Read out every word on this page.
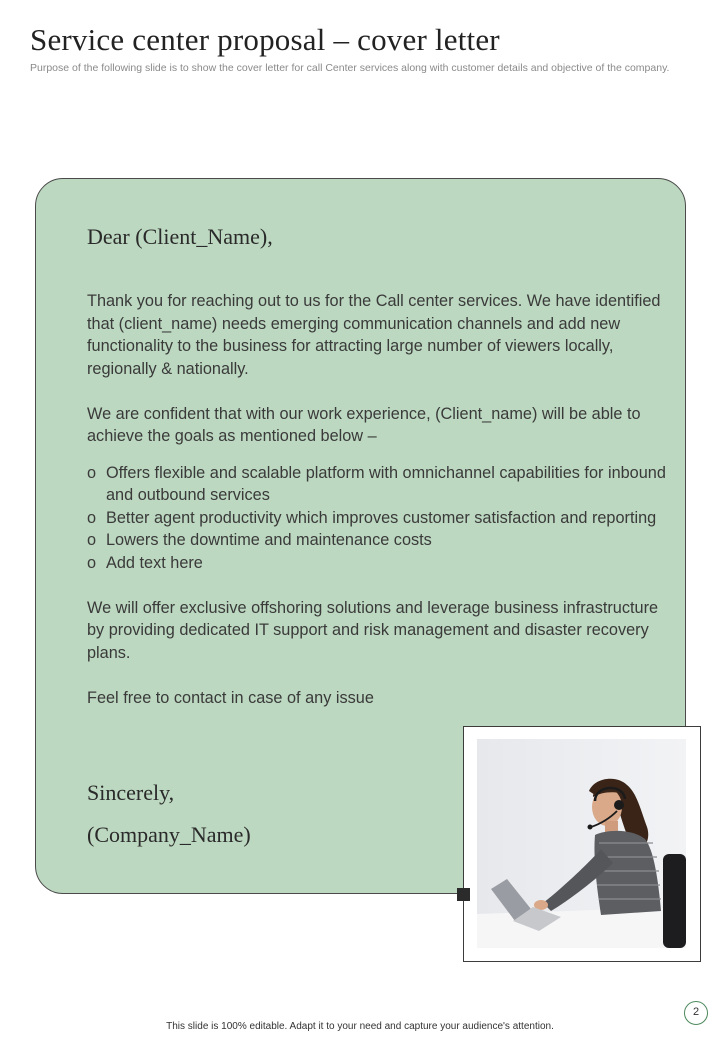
Service center proposal – cover letter

Purpose of the following slide is to show the cover letter for call Center services along with customer details and objective of the company.

Dear (Client_Name),

Thank you for reaching out to us for the Call center services. We have identified that (client_name) needs emerging communication channels and add new functionality to the business for attracting large number of viewers locally, regionally & nationally.

We are confident that with our work experience, (Client_name) will be able to achieve the goals as mentioned below –

o Offers flexible and scalable platform with omnichannel capabilities for inbound and outbound services
o Better agent productivity which improves customer satisfaction and reporting
o Lowers the downtime and maintenance costs
o Add text here

We will offer exclusive offshoring solutions and leverage business infrastructure by providing dedicated IT support and risk management and disaster recovery plans.

Feel free to contact in case of any issue

Sincerely,

(Company_Name)

2

This slide is 100% editable. Adapt it to your need and capture your audience's attention.
